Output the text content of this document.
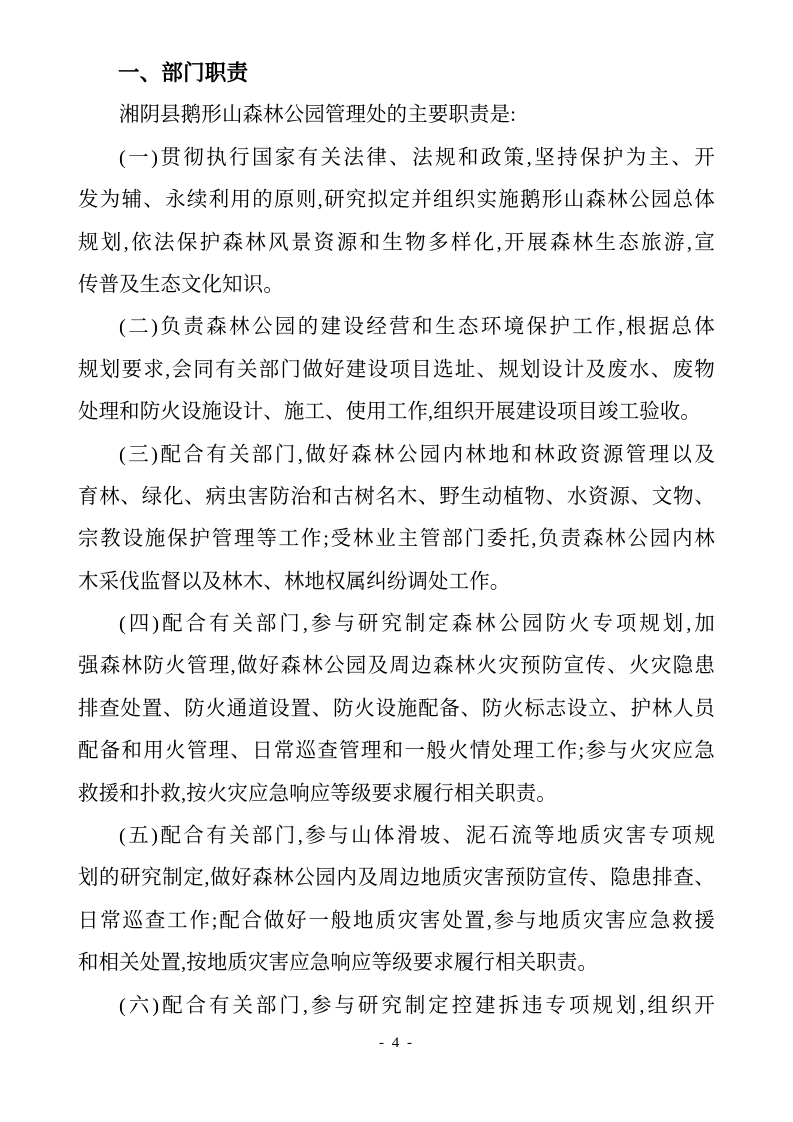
一、部门职责
湘阴县鹅形山森林公园管理处的主要职责是:
(一)贯彻执行国家有关法律、法规和政策,坚持保护为主、开
发为辅、永续利用的原则,研究拟定并组织实施鹅形山森林公园总体
规划,依法保护森林风景资源和生物多样化,开展森林生态旅游,宣
传普及生态文化知识。
(二)负责森林公园的建设经营和生态环境保护工作,根据总体
规划要求,会同有关部门做好建设项目选址、规划设计及废水、废物
处理和防火设施设计、施工、使用工作,组织开展建设项目竣工验收。
(三)配合有关部门,做好森林公园内林地和林政资源管理以及
育林、绿化、病虫害防治和古树名木、野生动植物、水资源、文物、
宗教设施保护管理等工作;受林业主管部门委托,负责森林公园内林
木采伐监督以及林木、林地权属纠纷调处工作。
(四)配合有关部门,参与研究制定森林公园防火专项规划,加
强森林防火管理,做好森林公园及周边森林火灾预防宣传、火灾隐患
排查处置、防火通道设置、防火设施配备、防火标志设立、护林人员
配备和用火管理、日常巡查管理和一般火情处理工作;参与火灾应急
救援和扑救,按火灾应急响应等级要求履行相关职责。
(五)配合有关部门,参与山体滑坡、泥石流等地质灾害专项规
划的研究制定,做好森林公园内及周边地质灾害预防宣传、隐患排查、
日常巡查工作;配合做好一般地质灾害处置,参与地质灾害应急救援
和相关处置,按地质灾害应急响应等级要求履行相关职责。
(六)配合有关部门,参与研究制定控建拆违专项规划,组织开
- 4 -
